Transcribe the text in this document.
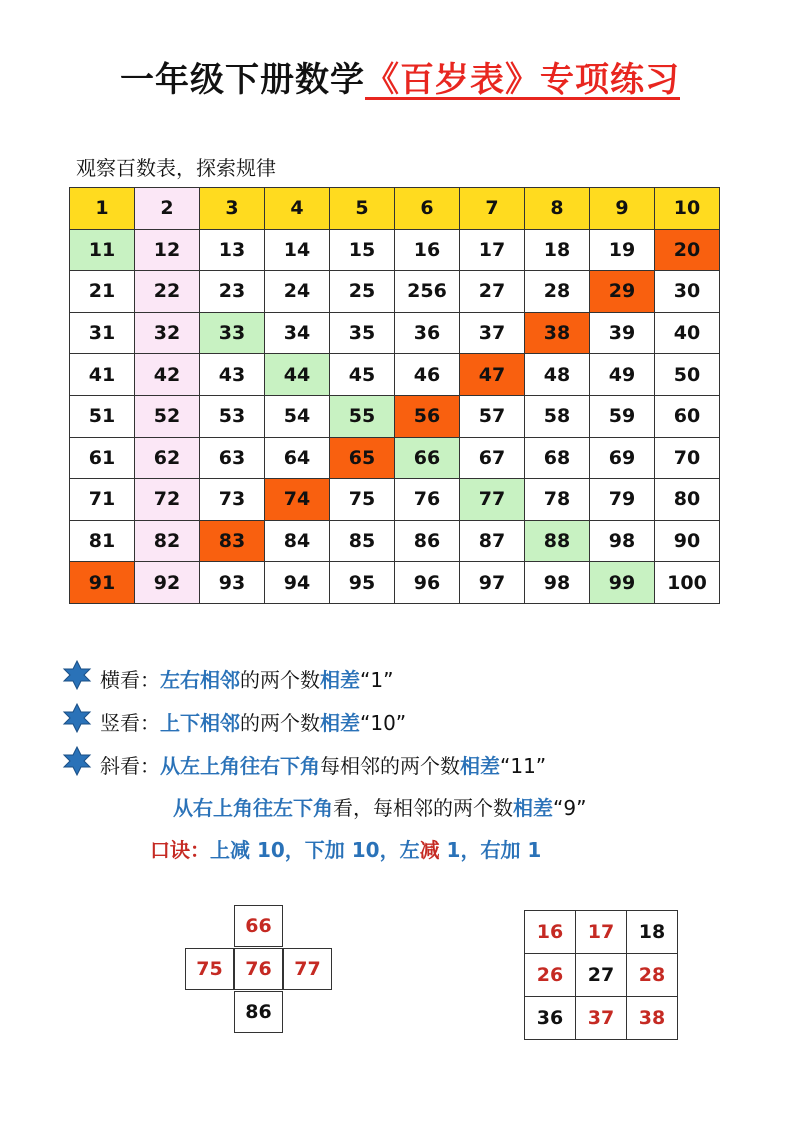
一年级下册数学《百岁表》专项练习
观察百数表，探索规律
1	2	3	4	5	6	7	8	9	10
11	12	13	14	15	16	17	18	19	20
21	22	23	24	25	256	27	28	29	30
31	32	33	34	35	36	37	38	39	40
41	42	43	44	45	46	47	48	49	50
51	52	53	54	55	56	57	58	59	60
61	62	63	64	65	66	67	68	69	70
71	72	73	74	75	76	77	78	79	80
81	82	83	84	85	86	87	88	98	90
91	92	93	94	95	96	97	98	99	100
横看：左右相邻的两个数相差“1”
竖看：上下相邻的两个数相差“10”
斜看：从左上角往右下角每相邻的两个数相差“11”
从右上角往左下角看，每相邻的两个数相差“9”
口诀：上减 10，下加 10，左减 1，右加 1
66
75	76	77
86
16	17	18
26	27	28
36	37	38
